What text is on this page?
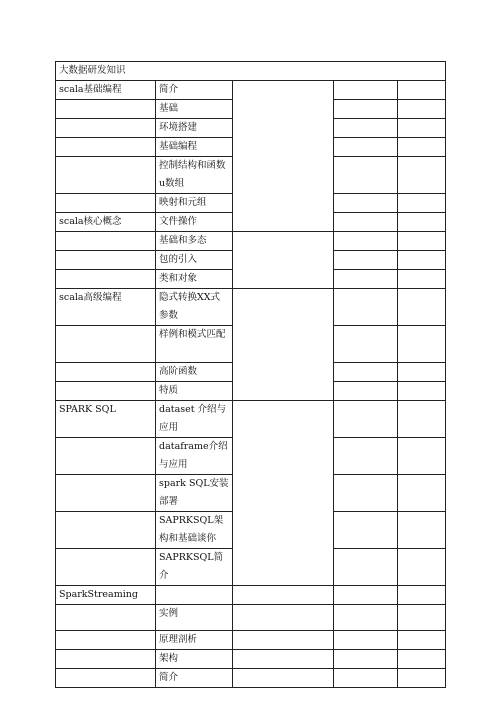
大数据研发知识				
scala基础编程	简介			
	基础			
	环境搭建			
	基础编程			
	控制结构和函数u数组			
	映射和元组			
scala核心概念	文件操作			
	基础和多态			
	包的引入			
	类和对象			
scala高级编程	隐式转换XX式参数			
	样例和模式匹配			
	高阶函数			
	特质			
SPARK SQL	dataset 介绍与应用			
	dataframe介绍与应用			
	spark SQL安装部署			
	SAPRKSQL架构和基础谈你			
	SAPRKSQL简介			
SparkStreaming				
	实例			
	原理剖析			
	架构			
	简介			
